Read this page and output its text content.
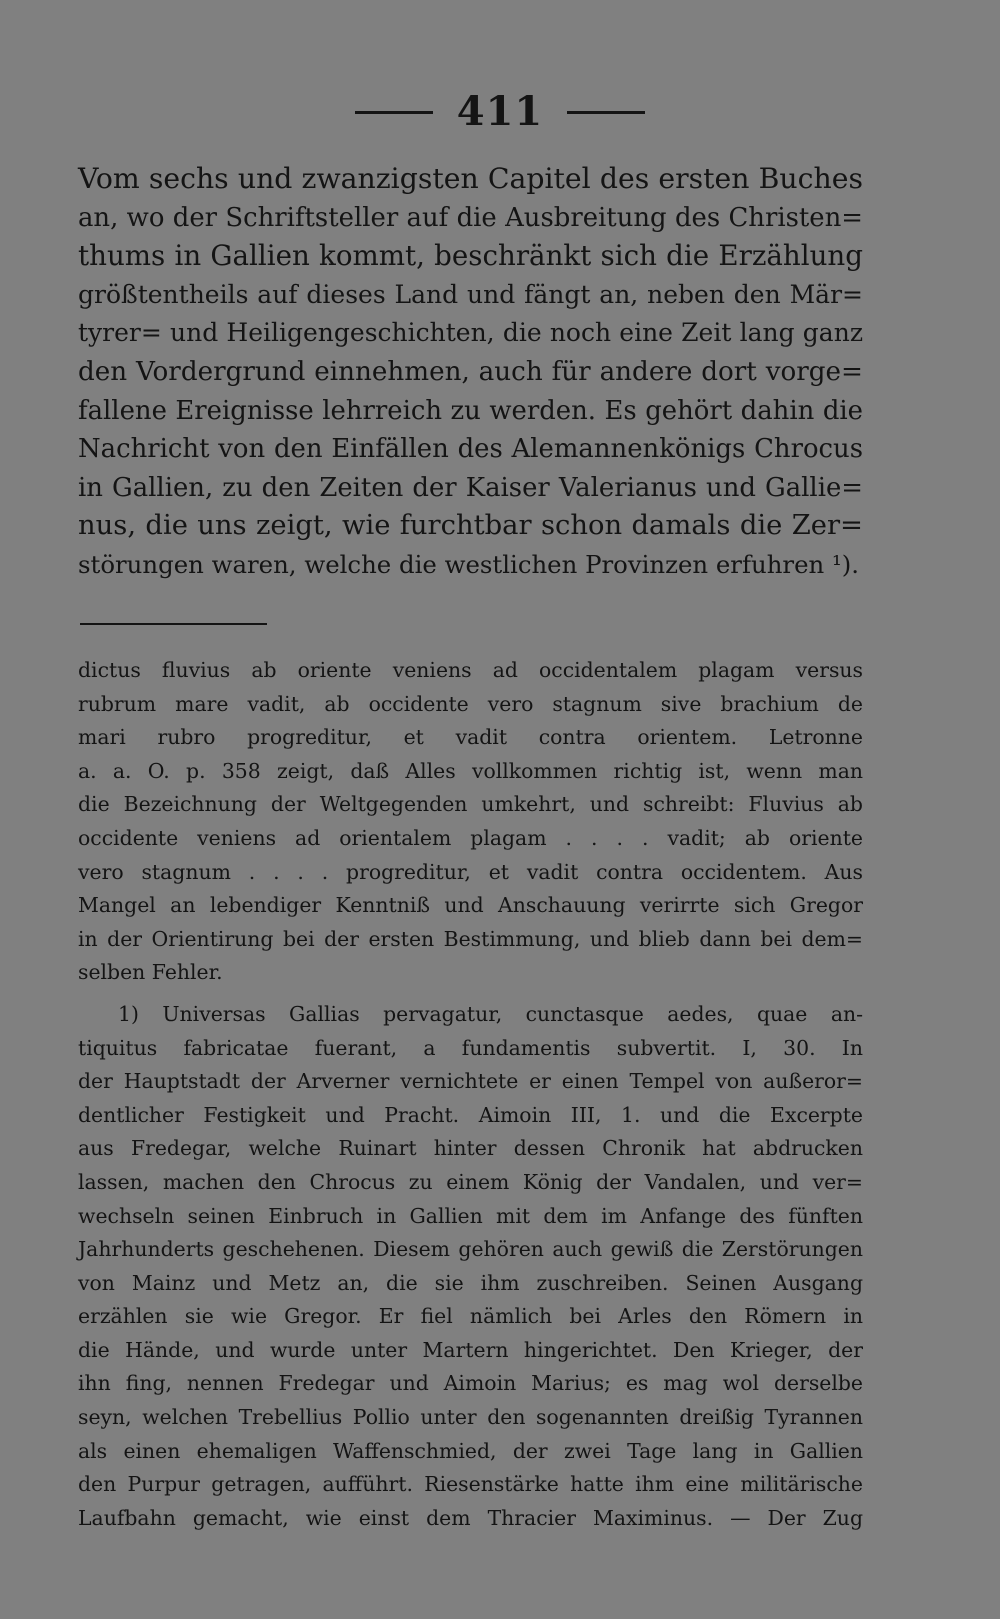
411
Vom sechs und zwanzigsten Capitel des ersten Buches
an, wo der Schriftsteller auf die Ausbreitung des Christen=
thums in Gallien kommt, beschränkt sich die Erzählung
größtentheils auf dieses Land und fängt an, neben den Mär=
tyrer= und Heiligengeschichten, die noch eine Zeit lang ganz
den Vordergrund einnehmen, auch für andere dort vorge=
fallene Ereignisse lehrreich zu werden. Es gehört dahin die
Nachricht von den Einfällen des Alemannenkönigs Chrocus
in Gallien, zu den Zeiten der Kaiser Valerianus und Gallie=
nus, die uns zeigt, wie furchtbar schon damals die Zer=
störungen waren, welche die westlichen Provinzen erfuhren ¹).
dictus fluvius ab oriente veniens ad occidentalem plagam versus
rubrum mare vadit, ab occidente vero stagnum sive brachium de
mari rubro progreditur, et vadit contra orientem. Letronne
a. a. O. p. 358 zeigt, daß Alles vollkommen richtig ist, wenn man
die Bezeichnung der Weltgegenden umkehrt, und schreibt: Fluvius ab
occidente veniens ad orientalem plagam . . . . vadit; ab oriente
vero stagnum . . . . progreditur, et vadit contra occidentem. Aus
Mangel an lebendiger Kenntniß und Anschauung verirrte sich Gregor
in der Orientirung bei der ersten Bestimmung, und blieb dann bei dem=
selben Fehler.
1) Universas Gallias pervagatur, cunctasque aedes, quae an-
tiquitus fabricatae fuerant, a fundamentis subvertit. I, 30. In
der Hauptstadt der Arverner vernichtete er einen Tempel von außeror=
dentlicher Festigkeit und Pracht. Aimoin III, 1. und die Excerpte
aus Fredegar, welche Ruinart hinter dessen Chronik hat abdrucken
lassen, machen den Chrocus zu einem König der Vandalen, und ver=
wechseln seinen Einbruch in Gallien mit dem im Anfange des fünften
Jahrhunderts geschehenen. Diesem gehören auch gewiß die Zerstörungen
von Mainz und Metz an, die sie ihm zuschreiben. Seinen Ausgang
erzählen sie wie Gregor. Er fiel nämlich bei Arles den Römern in
die Hände, und wurde unter Martern hingerichtet. Den Krieger, der
ihn fing, nennen Fredegar und Aimoin Marius; es mag wol derselbe
seyn, welchen Trebellius Pollio unter den sogenannten dreißig Tyrannen
als einen ehemaligen Waffenschmied, der zwei Tage lang in Gallien
den Purpur getragen, aufführt. Riesenstärke hatte ihm eine militärische
Laufbahn gemacht, wie einst dem Thracier Maximinus. — Der Zug
